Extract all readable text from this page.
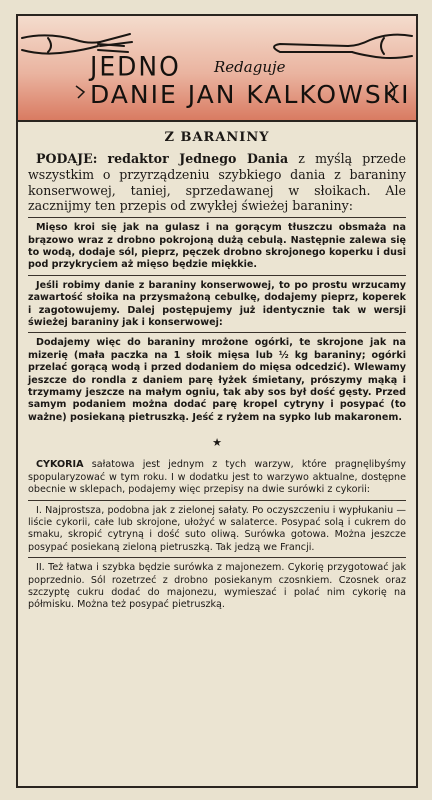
JEDNO Redaguje
DANIE JAN KALKOWSKI
Z BARANINY

PODAJE: redaktor Jednego Dania z myślą przede wszystkim o przyrządzeniu szybkiego dania z baraniny konserwowej, taniej, sprzedawanej w słoikach. Ale zacznijmy ten przepis od zwykłej świeżej baraniny:

Mięso kroi się jak na gulasz i na gorącym tłuszczu obsmaża na brązowo wraz z drobno pokrojoną dużą cebulą. Następnie zalewa się to wodą, dodaje sól, pieprz, pęczek drobno skrojonego koperku i dusi pod przykryciem aż mięso będzie miękkie.

Jeśli robimy danie z baraniny konserwowej, to po prostu wrzucamy zawartość słoika na przysmażoną cebulkę, dodajemy pieprz, koperek i zagotowujemy. Dalej postępujemy już identycznie tak w wersji świeżej baraniny jak i konserwowej:

Dodajemy więc do baraniny mrożone ogórki, te skrojone jak na mizerię (mała paczka na 1 słoik mięsa lub ½ kg baraniny; ogórki przelać gorącą wodą i przed dodaniem do mięsa odcedzić). Wlewamy jeszcze do rondla z daniem parę łyżek śmietany, prószymy mąką i trzymamy jeszcze na małym ogniu, tak aby sos był dość gęsty. Przed samym podaniem można dodać parę kropel cytryny i posypać (to ważne) posiekaną pietruszką. Jeść z ryżem na sypko lub makaronem.

★

CYKORIA sałatowa jest jednym z tych warzyw, które pragnęlibyśmy spopularyzować w tym roku. I w dodatku jest to warzywo aktualne, dostępne obecnie w sklepach, podajemy więc przepisy na dwie surówki z cykorii:

I. Najprostsza, podobna jak z zielonej sałaty. Po oczyszczeniu i wypłukaniu — liście cykorii, całe lub skrojone, ułożyć w salaterce. Posypać solą i cukrem do smaku, skropić cytryną i dość suto oliwą. Surówka gotowa. Można jeszcze posypać posiekaną zieloną pietruszką. Tak jedzą we Francji.

II. Też łatwa i szybka będzie surówka z majonezem. Cykorię przygotować jak poprzednio. Sól rozetrzeć z drobno posiekanym czosnkiem. Czosnek oraz szczyptę cukru dodać do majonezu, wymieszać i polać nim cykorię na półmisku. Można też posypać pietruszką.
